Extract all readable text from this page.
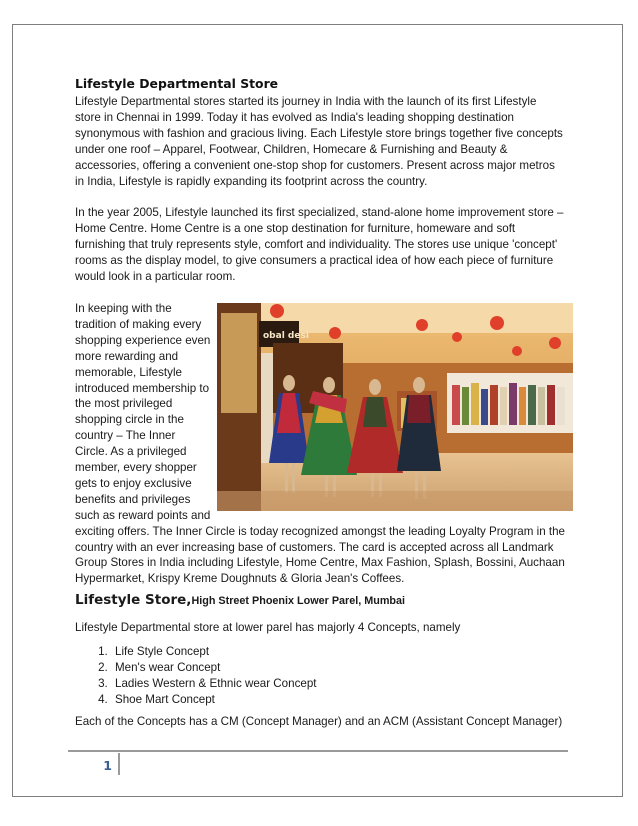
Lifestyle Departmental Store

Lifestyle Departmental stores started its journey in India with the launch of its first Lifestyle store in Chennai in 1999. Today it has evolved as India's leading shopping destination synonymous with fashion and gracious living. Each Lifestyle store brings together five concepts under one roof – Apparel, Footwear, Children, Homecare & Furnishing and Beauty & accessories, offering a convenient one-stop shop for customers. Present across major metros in India, Lifestyle is rapidly expanding its footprint across the country.

In the year 2005, Lifestyle launched its first specialized, stand-alone home improvement store – Home Centre. Home Centre is a one stop destination for furniture, homeware and soft furnishing that truly represents style, comfort and individuality. The stores use unique 'concept' rooms as the display model, to give consumers a practical idea of how each piece of furniture would look in a particular room.

obal desi
In keeping with the tradition of making every shopping experience even more rewarding and memorable, Lifestyle introduced membership to the most privileged shopping circle in the country – The Inner Circle. As a privileged member, every shopper gets to enjoy exclusive benefits and privileges such as reward points and exciting offers. The Inner Circle is today recognized amongst the leading Loyalty Program in the country with an ever increasing base of customers. The card is accepted across all Landmark Group Stores in India including Lifestyle, Home Centre, Max Fashion, Splash, Bossini, Auchaan Hypermarket, Krispy Kreme Doughnuts & Gloria Jean's Coffees.

Lifestyle Store,High Street Phoenix Lower Parel, Mumbai

Lifestyle Departmental store at lower parel has majorly 4 Concepts, namely

1. Life Style Concept
2. Men's wear Concept
3. Ladies Western & Ethnic wear Concept
4. Shoe Mart Concept

Each of the Concepts has a CM (Concept Manager) and an ACM (Assistant Concept Manager)

1
